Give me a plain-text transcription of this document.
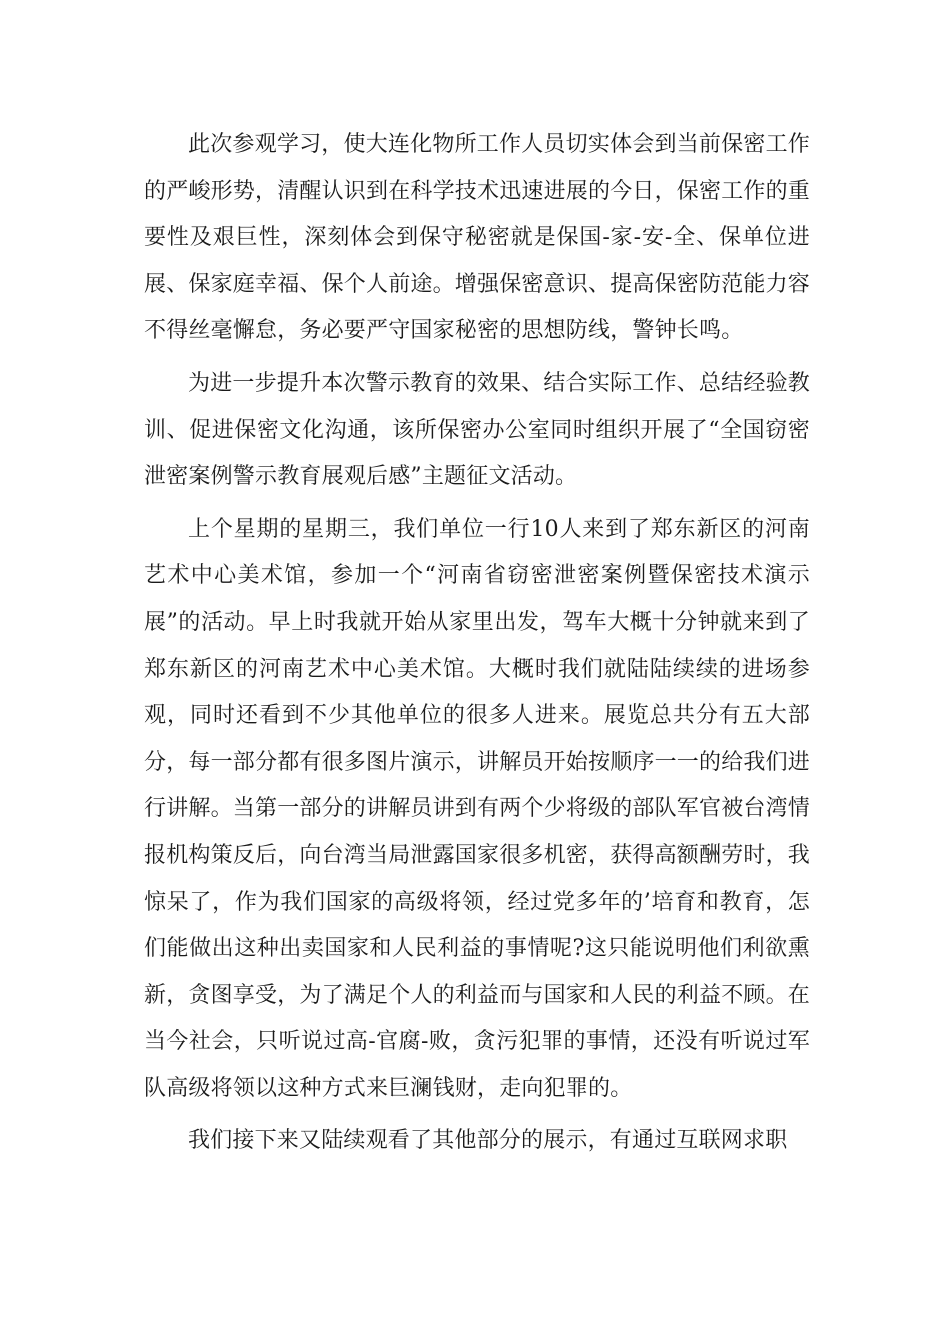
此次参观学习，使大连化物所工作人员切实体会到当前保密工作的严峻形势，清醒认识到在科学技术迅速进展的今日，保密工作的重要性及艰巨性，深刻体会到保守秘密就是保国-家-安-全、保单位进展、保家庭幸福、保个人前途。增强保密意识、提高保密防范能力容不得丝毫懈怠，务必要严守国家秘密的思想防线，警钟长鸣。

为进一步提升本次警示教育的效果、结合实际工作、总结经验教训、促进保密文化沟通，该所保密办公室同时组织开展了“全国窃密泄密案例警示教育展观后感”主题征文活动。

上个星期的星期三，我们单位一行10人来到了郑东新区的河南艺术中心美术馆，参加一个“河南省窃密泄密案例暨保密技术演示展”的活动。早上时我就开始从家里出发，驾车大概十分钟就来到了郑东新区的河南艺术中心美术馆。大概时我们就陆陆续续的进场参观，同时还看到不少其他单位的很多人进来。展览总共分有五大部分，每一部分都有很多图片演示，讲解员开始按顺序一一的给我们进行讲解。当第一部分的讲解员讲到有两个少将级的部队军官被台湾情报机构策反后，向台湾当局泄露国家很多机密，获得高额酬劳时，我惊呆了，作为我们国家的高级将领，经过党多年的’培育和教育，怎们能做出这种出卖国家和人民利益的事情呢?这只能说明他们利欲熏新，贪图享受，为了满足个人的利益而与国家和人民的利益不顾。在当今社会，只听说过高-官腐-败，贪污犯罪的事情，还没有听说过军队高级将领以这种方式来巨澜钱财，走向犯罪的。

我们接下来又陆续观看了其他部分的展示，有通过互联网求职
